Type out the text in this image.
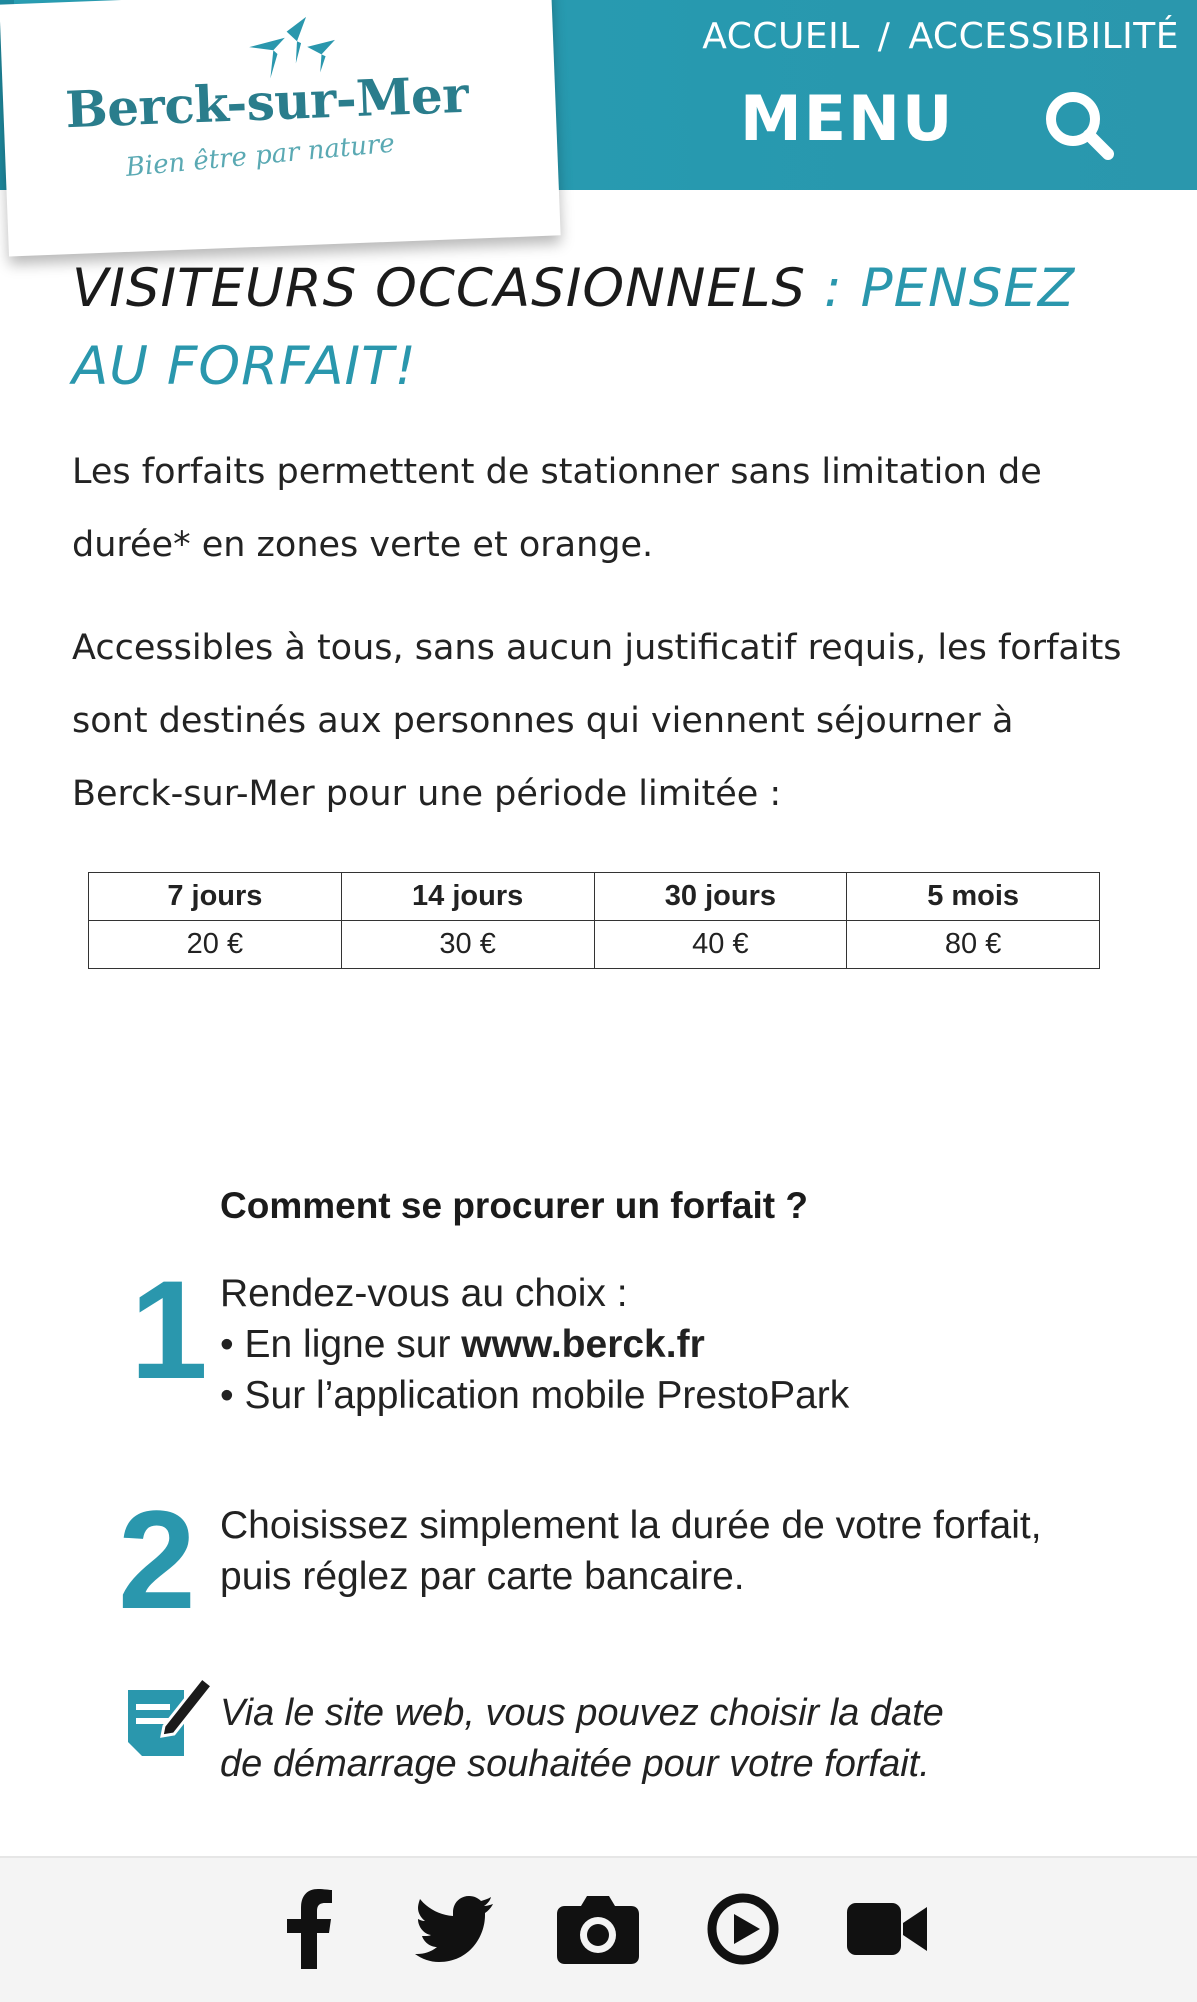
ACCUEIL / ACCESSIBILITÉ
MENU
Berck-sur-Mer
Bien être par nature
VISITEURS OCCASIONNELS : PENSEZ AU FORFAIT!

Les forfaits permettent de stationner sans limitation de durée* en zones verte et orange.

Accessibles à tous, sans aucun justificatif requis, les forfaits sont destinés aux personnes qui viennent séjourner à Berck-sur-Mer pour une période limitée :

7 jours	14 jours	30 jours	5 mois
20 €	30 €	40 €	80 €
Comment se procurer un forfait ?
1 Rendez-vous au choix :
• En ligne sur www.berck.fr
• Sur l’application mobile PrestoPark
2 Choisissez simplement la durée de votre forfait,
puis réglez par carte bancaire.
Via le site web, vous pouvez choisir la date
de démarrage souhaitée pour votre forfait.
